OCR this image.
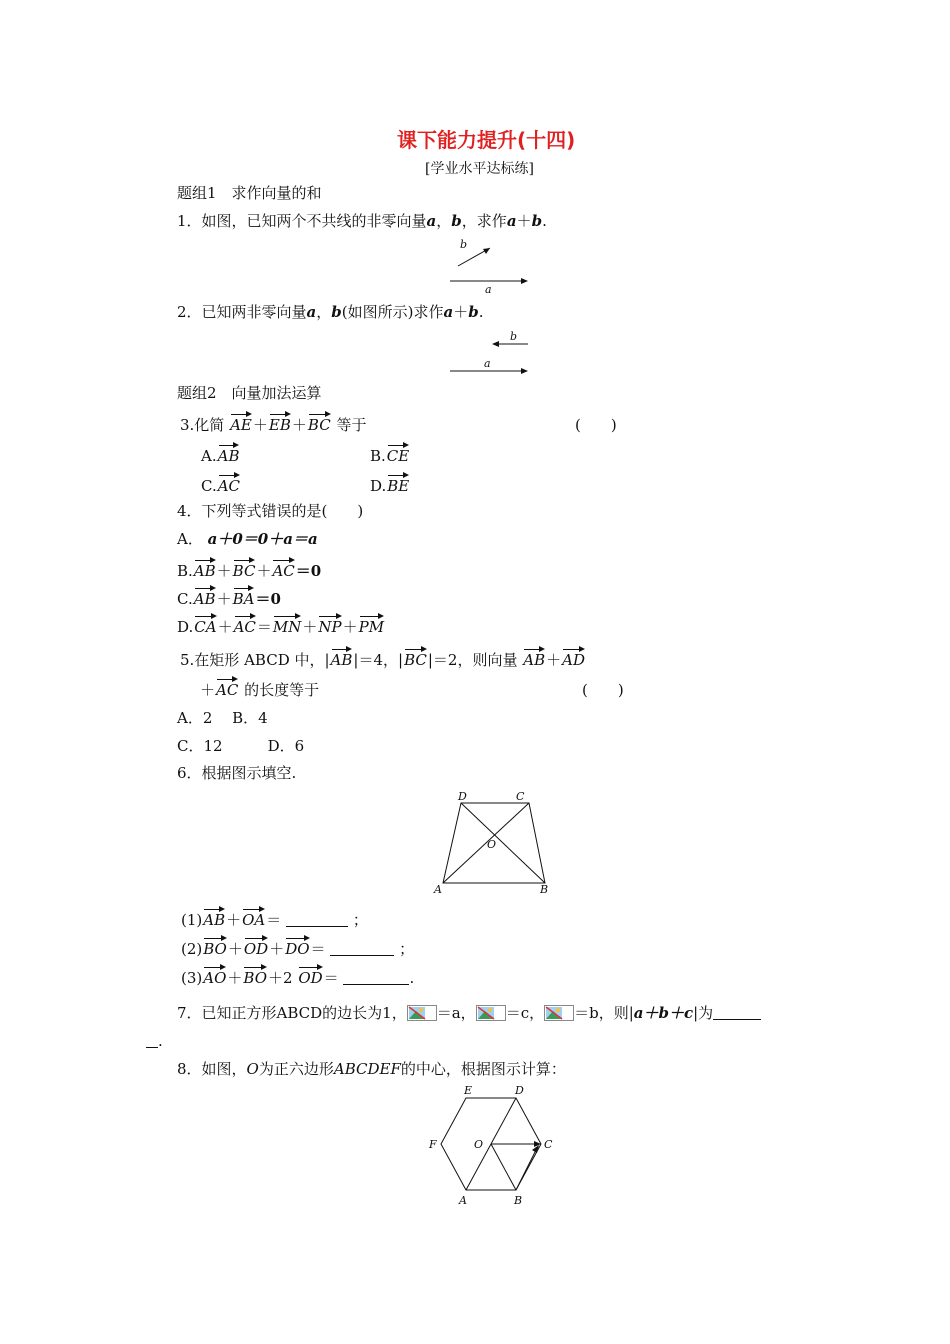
课下能力提升(十四)
[学业水平达标练]
题组1　求作向量的和
1．如图，已知两个不共线的非零向量a，b，求作a＋b.
b
a
2．已知两非零向量a，b(如图所示)求作a＋b.
b
a
题组2　向量加法运算
3.化简 AE＋EB＋BC 等于	(　　)
A.AB	B.CE
C.AC	D.BE
4．下列等式错误的是(　　)
A． a＋0＝0＋a＝a
B.AB＋BC＋AC＝0
C.AB＋BA＝0
D.CA＋AC＝MN＋NP＋PM
5.在矩形 ABCD 中，|AB|＝4，|BC|＝2，则向量 AB＋AD
＋AC 的长度等于	(　　)
A．2　 B．4
C．12　　　D．6
6．根据图示填空.
D	C
O
A	B
(1)AB＋OA＝	；
(2)BO＋OD＋DO＝	；
(3)AO＋BO＋2 OD＝	.
7．已知正方形ABCD的边长为1， ＝a， ＝c， ＝b，则|a＋b＋c|为
.
8．如图，O为正六边形ABCDEF的中心，根据图示计算：
E	D
C
F	O
A	B
